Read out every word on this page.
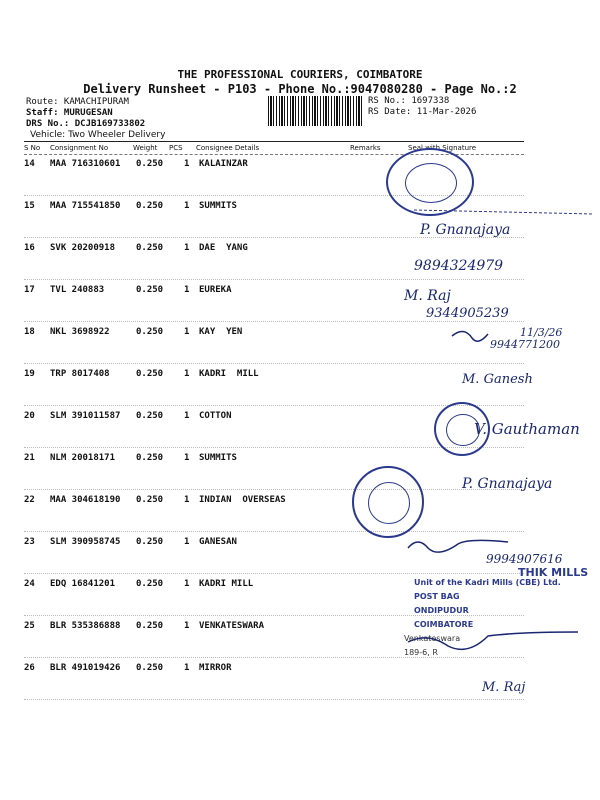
THE PROFESSIONAL COURIERS, COIMBATORE
Delivery Runsheet - P103 - Phone No.:9047080280 - Page No.:2
Route: KAMACHIPURAM
Staff: MURUGESAN
DRS No.: DCJB169733802
RS No.: 1697338
RS Date: 11-Mar-2026
Vehicle: Two Wheeler Delivery
S No Consignment No	Weight PCS Consignee Details	Remarks	Seal with Signature
14 MAA 716310601 0.250 1 KALAINZAR
15 MAA 715541850 0.250 1 SUMMITS
16 SVK 20200918 0.250 1 DAE  YANG
17 TVL 240883	0.250 1 EUREKA
18 NKL 3698922	0.250 1 KAY  YEN
19 TRP 8017408	0.250 1 KADRI  MILL
20 SLM 391011587 0.250 1 COTTON
21 NLM 20018171 0.250 1 SUMMITS
22 MAA 304618190 0.250 1 INDIAN  OVERSEAS
23 SLM 390958745 0.250 1 GANESAN
24 EDQ 16841201 0.250 1 KADRI MILL
25 BLR 535386888 0.250 1 VENKATESWARA
26 BLR 491019426 0.250 1 MIRROR
P. Gnanajaya
9894324979
M. Raj
9344905239
11/3/26
9944771200
M. Ganesh
V. Gauthaman
P. Gnanajaya
9994907616
THIK MILLS
Unit of the Kadri Mills (CBE) Ltd.
POST BAG
ONDIPUDUR
COIMBATORE
Venkateswara
189-6, R
M. Raj
